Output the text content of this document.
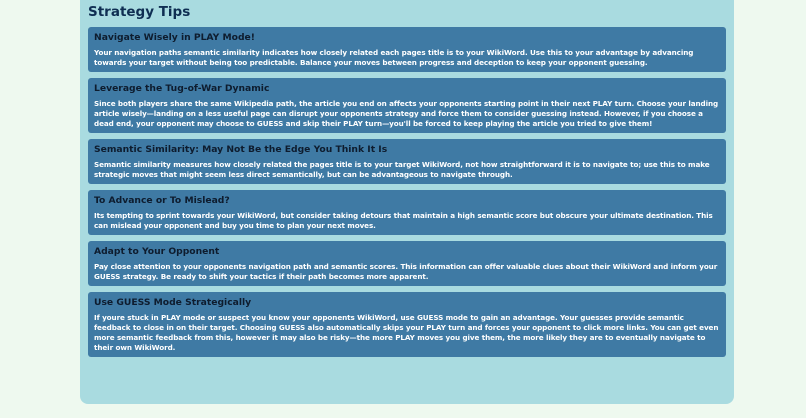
Strategy Tips
Navigate Wisely in PLAY Mode!
Your navigation paths semantic similarity indicates how closely related each pages title is to your WikiWord. Use this to your advantage by advancing towards your target without being too predictable. Balance your moves between progress and deception to keep your opponent guessing.
Leverage the Tug-of-War Dynamic
Since both players share the same Wikipedia path, the article you end on affects your opponents starting point in their next PLAY turn. Choose your landing article wisely—landing on a less useful page can disrupt your opponents strategy and force them to consider guessing instead. However, if you choose a dead end, your opponent may choose to GUESS and skip their PLAY turn—you'll be forced to keep playing the article you tried to give them!
Semantic Similarity: May Not Be the Edge You Think It Is
Semantic similarity measures how closely related the pages title is to your target WikiWord, not how straightforward it is to navigate to; use this to make strategic moves that might seem less direct semantically, but can be advantageous to navigate through.
To Advance or To Mislead?
Its tempting to sprint towards your WikiWord, but consider taking detours that maintain a high semantic score but obscure your ultimate destination. This can mislead your opponent and buy you time to plan your next moves.
Adapt to Your Opponent
Pay close attention to your opponents navigation path and semantic scores. This information can offer valuable clues about their WikiWord and inform your GUESS strategy. Be ready to shift your tactics if their path becomes more apparent.
Use GUESS Mode Strategically
If youre stuck in PLAY mode or suspect you know your opponents WikiWord, use GUESS mode to gain an advantage. Your guesses provide semantic feedback to close in on their target. Choosing GUESS also automatically skips your PLAY turn and forces your opponent to click more links. You can get even more semantic feedback from this, however it may also be risky—the more PLAY moves you give them, the more likely they are to eventually navigate to their own WikiWord.
